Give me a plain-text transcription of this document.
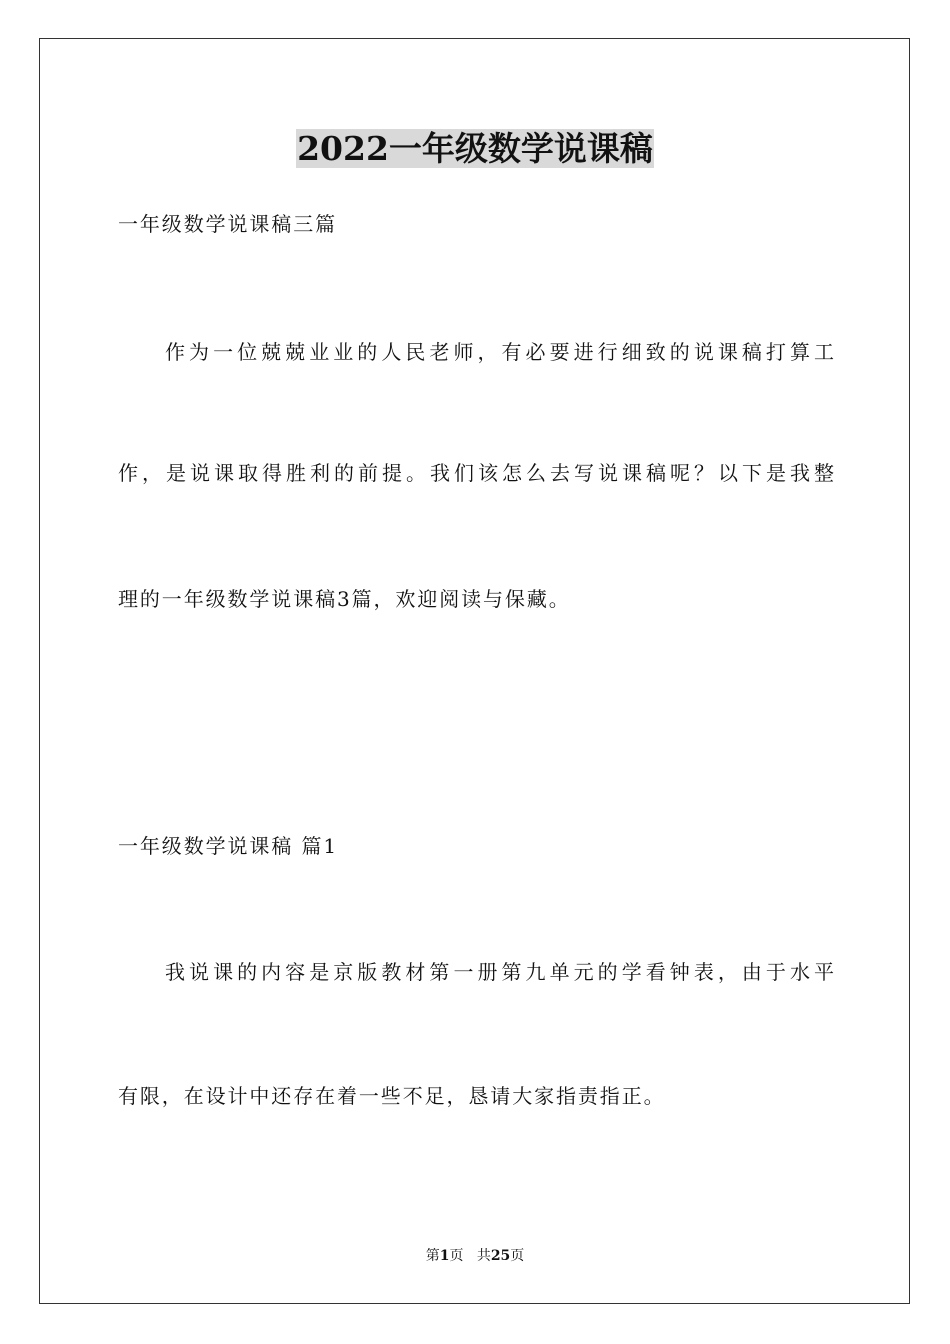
2022一年级数学说课稿
一年级数学说课稿三篇
作为一位兢兢业业的人民老师，有必要进行细致的说课稿打算工
作，是说课取得胜利的前提。我们该怎么去写说课稿呢？以下是我整
理的一年级数学说课稿3篇，欢迎阅读与保藏。
一年级数学说课稿 篇1
我说课的内容是京版教材第一册第九单元的学看钟表，由于水平
有限，在设计中还存在着一些不足，恳请大家指责指正。
第1页 共25页
